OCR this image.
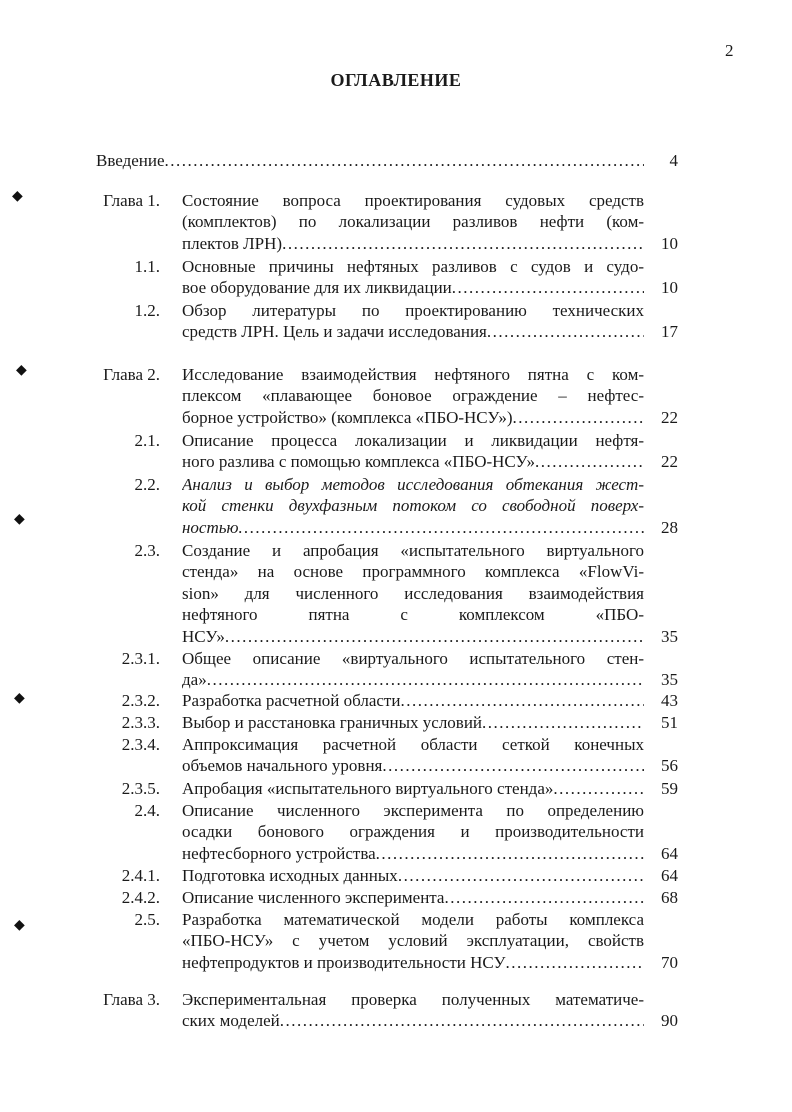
2
ОГЛАВЛЕНИЕ
◆
◆
◆
◆
◆
Введение .....	4
Глава 1. Состояние вопроса проектирования судовых средств
(комплектов) по локализации разливов нефти (ком-
плектов ЛРН) .....	10
1.1. Основные причины нефтяных разливов с судов и судо-
вое оборудование для их ликвидации .....	10
1.2. Обзор литературы по проектированию технических
средств ЛРН. Цель и задачи исследования .....	17
Глава 2. Исследование взаимодействия нефтяного пятна с ком-
плексом «плавающее боновое ограждение – нефтес-
борное устройство» (комплекса «ПБО-НСУ») .....	22
2.1. Описание процесса локализации и ликвидации нефтя-
ного разлива с помощью комплекса «ПБО-НСУ» .....	22
2.2. Анализ и выбор методов исследования обтекания жест-
кой стенки двухфазным потоком со свободной поверх-
ностью .....	28
2.3. Создание и апробация «испытательного виртуального
стенда» на основе программного комплекса «FlowVi-
sion» для численного исследования взаимодействия
нефтяного пятна с комплексом «ПБО-
НСУ» .....	35
2.3.1. Общее описание «виртуального испытательного стен-
да» .....	35
2.3.2. Разработка расчетной области .....	43
2.3.3. Выбор и расстановка граничных условий .....	51
2.3.4. Аппроксимация расчетной области сеткой конечных
объемов начального уровня .....	56
2.3.5. Апробация «испытательного виртуального стенда» .....	59
2.4. Описание численного эксперимента по определению
осадки бонового ограждения и производительности
нефтесборного устройства .....	64
2.4.1. Подготовка исходных данных .....	64
2.4.2. Описание численного эксперимента .....	68
2.5. Разработка математической модели работы комплекса
«ПБО-НСУ» с учетом условий эксплуатации, свойств
нефтепродуктов и производительности НСУ .....	70
Глава 3. Экспериментальная проверка полученных математиче-
ских моделей .....	90
